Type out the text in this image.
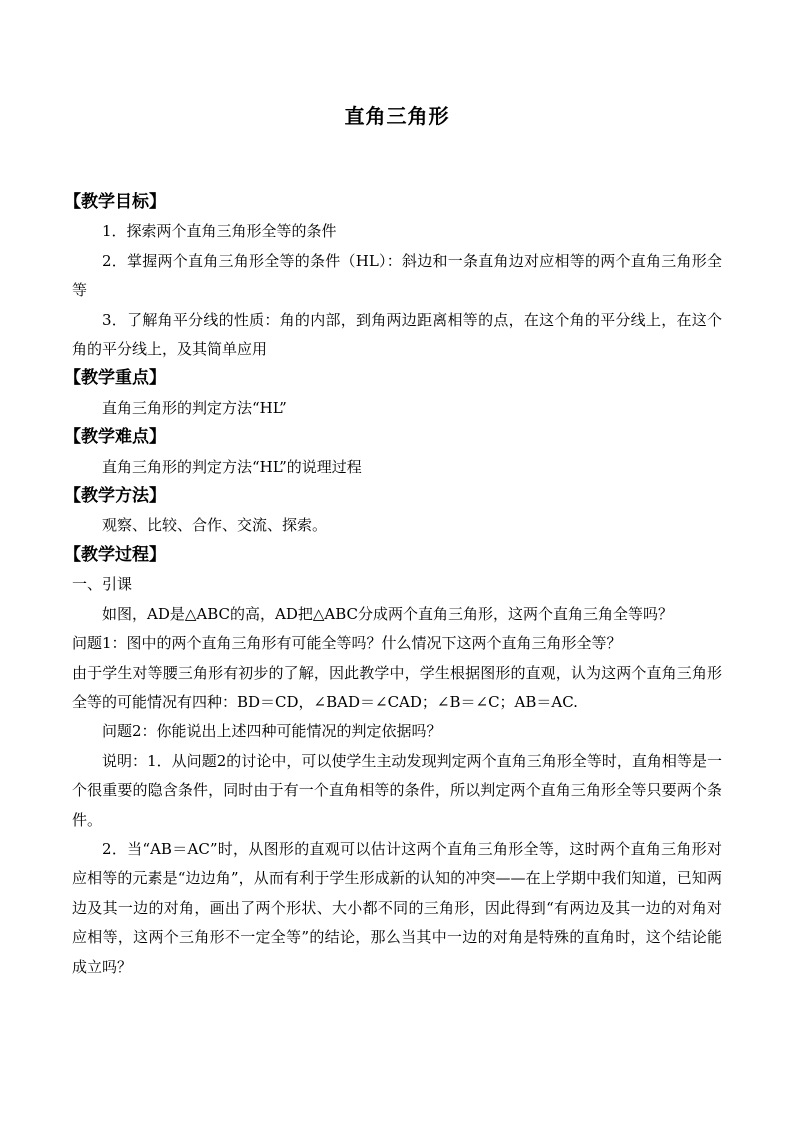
直角三角形

【教学目标】

1．探索两个直角三角形全等的条件

2．掌握两个直角三角形全等的条件（HL）：斜边和一条直角边对应相等的两个直角三角形全等

3．了解角平分线的性质：角的内部，到角两边距离相等的点，在这个角的平分线上，在这个角的平分线上，及其简单应用

【教学重点】

直角三角形的判定方法“HL”

【教学难点】

直角三角形的判定方法“HL”的说理过程

【教学方法】

观察、比较、合作、交流、探索。

【教学过程】

一、引课

如图，AD是△ABC的高，AD把△ABC分成两个直角三角形，这两个直角三角全等吗？

问题1：图中的两个直角三角形有可能全等吗？什么情况下这两个直角三角形全等？

由于学生对等腰三角形有初步的了解，因此教学中，学生根据图形的直观，认为这两个直角三角形全等的可能情况有四种：BD＝CD，∠BAD＝∠CAD；∠B＝∠C；AB＝AC.

问题2：你能说出上述四种可能情况的判定依据吗？

说明：1．从问题2的讨论中，可以使学生主动发现判定两个直角三角形全等时，直角相等是一个很重要的隐含条件，同时由于有一个直角相等的条件，所以判定两个直角三角形全等只要两个条件。

2．当“AB＝AC”时，从图形的直观可以估计这两个直角三角形全等，这时两个直角三角形对应相等的元素是“边边角”，从而有利于学生形成新的认知的冲突——在上学期中我们知道，已知两边及其一边的对角，画出了两个形状、大小都不同的三角形，因此得到“有两边及其一边的对角对应相等，这两个三角形不一定全等”的结论，那么当其中一边的对角是特殊的直角时，这个结论能成立吗？
